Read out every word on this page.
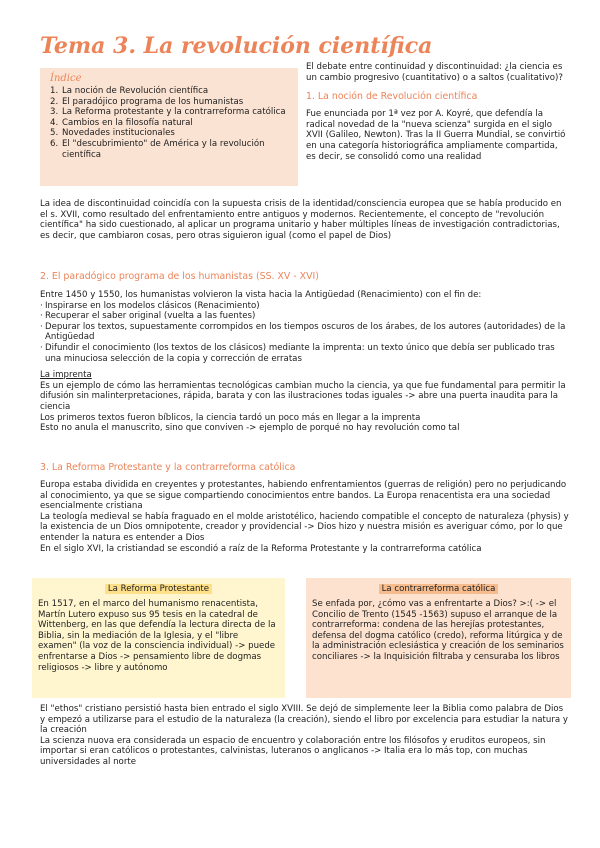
Tema 3. La revolución científica

Índice

1. La noción de Revolución científica
2. El paradójico programa de los humanistas
3. La Reforma protestante y la contrarreforma católica
4. Cambios en la filosofía natural
5. Novedades institucionales
6. El "descubrimiento" de América y la revolución científica

El debate entre continuidad y discontinuidad: ¿la ciencia es un cambio progresivo (cuantitativo) o a saltos (cualitativo)?

1. La noción de Revolución científica

Fue enunciada por 1ª vez por A. Koyré, que defendía la radical novedad de la "nueva scienza" surgida en el siglo XVII (Galileo, Newton). Tras la II Guerra Mundial, se convirtió en una categoría historiográfica ampliamente compartida, es decir, se consolidó como una realidad

La idea de discontinuidad coincidía con la supuesta crisis de la identidad/consciencia europea que se había producido en el s. XVII, como resultado del enfrentamiento entre antiguos y modernos. Recientemente, el concepto de "revolución científica" ha sido cuestionado, al aplicar un programa unitario y haber múltiples líneas de investigación contradictorias, es decir, que cambiaron cosas, pero otras siguieron igual (como el papel de Dios)

2. El paradógico programa de los humanistas (SS. XV - XVI)

Entre 1450 y 1550, los humanistas volvieron la vista hacia la Antigüedad (Renacimiento) con el fin de:

· Inspirarse en los modelos clásicos (Renacimiento)
· Recuperar el saber original (vuelta a las fuentes)
· Depurar los textos, supuestamente corrompidos en los tiempos oscuros de los árabes, de los autores (autoridades) de la Antigüedad
· Difundir el conocimiento (los textos de los clásicos) mediante la imprenta: un texto único que debía ser publicado tras una minuciosa selección de la copia y corrección de erratas

La imprenta

Es un ejemplo de cómo las herramientas tecnológicas cambian mucho la ciencia, ya que fue fundamental para permitir la difusión sin malinterpretaciones, rápida, barata y con las ilustraciones todas iguales -> abre una puerta inaudita para la ciencia

Los primeros textos fueron bíblicos, la ciencia tardó un poco más en llegar a la imprenta

Esto no anula el manuscrito, sino que conviven -> ejemplo de porqué no hay revolución como tal

3. La Reforma Protestante y la contrarreforma católica

Europa estaba dividida en creyentes y protestantes, habiendo enfrentamientos (guerras de religión) pero no perjudicando al conocimiento, ya que se sigue compartiendo conocimientos entre bandos. La Europa renacentista era una sociedad esencialmente cristiana

La teología medieval se había fraguado en el molde aristotélico, haciendo compatible el concepto de naturaleza (physis) y la existencia de un Dios omnipotente, creador y providencial -> Dios hizo y nuestra misión es averiguar cómo, por lo que entender la natura es entender a Dios

En el siglo XVI, la cristiandad se escondió a raíz de la Reforma Protestante y la contrarreforma católica

La Reforma Protestante

En 1517, en el marco del humanismo renacentista, Martín Lutero expuso sus 95 tesis en la catedral de Wittenberg, en las que defendía la lectura directa de la Biblia, sin la mediación de la Iglesia, y el "libre examen" (la voz de la consciencia individual) -> puede enfrentarse a Dios -> pensamiento libre de dogmas religiosos -> libre y autónomo

La contrarreforma católica

Se enfada por, ¿cómo vas a enfrentarte a Dios? >:( -> el Concilio de Trento (1545 -1563) supuso el arranque de la contrarreforma: condena de las herejías protestantes, defensa del dogma católico (credo), reforma litúrgica y de la administración eclesiástica y creación de los seminarios conciliares -> la Inquisición filtraba y censuraba los libros

El "ethos" cristiano persistió hasta bien entrado el siglo XVIII. Se dejó de simplemente leer la Biblia como palabra de Dios y empezó a utilizarse para el estudio de la naturaleza (la creación), siendo el libro por excelencia para estudiar la natura y la creación

La scienza nuova era considerada un espacio de encuentro y colaboración entre los filósofos y eruditos europeos, sin importar si eran católicos o protestantes, calvinistas, luteranos o anglicanos -> Italia era lo más top, con muchas universidades al norte
